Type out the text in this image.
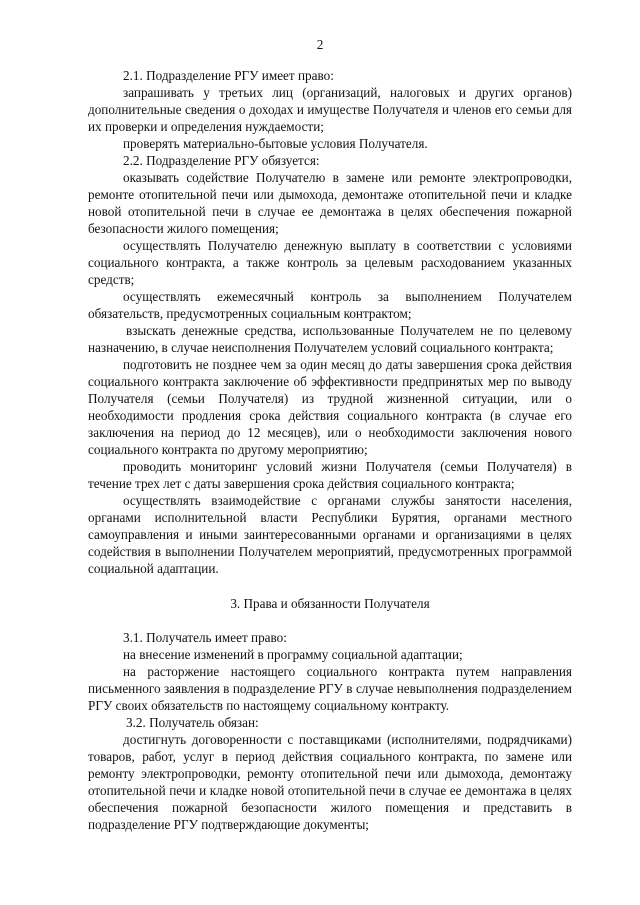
2

2.1. Подразделение РГУ имеет право:

запрашивать у третьих лиц (организаций, налоговых и других органов) дополнительные сведения о доходах и имуществе Получателя и членов его семьи для их проверки и определения нуждаемости;

проверять материально-бытовые условия Получателя.

2.2. Подразделение РГУ обязуется:

оказывать содействие Получателю в замене или ремонте электропроводки, ремонте отопительной печи или дымохода, демонтаже отопительной печи и кладке новой отопительной печи в случае ее демонтажа в целях обеспечения пожарной безопасности жилого помещения;

осуществлять Получателю денежную выплату в соответствии с условиями социального контракта, а также контроль за целевым расходованием указанных средств;

осуществлять ежемесячный контроль за выполнением Получателем обязательств, предусмотренных социальным контрактом;

взыскать денежные средства, использованные Получателем не по целевому назначению, в случае неисполнения Получателем условий социального контракта;

подготовить не позднее чем за один месяц до даты завершения срока действия социального контракта заключение об эффективности предпринятых мер по выводу Получателя (семьи Получателя) из трудной жизненной ситуации, или о необходимости продления срока действия социального контракта (в случае его заключения на период до 12 месяцев), или о необходимости заключения нового социального контракта по другому мероприятию;

проводить мониторинг условий жизни Получателя (семьи Получателя) в течение трех лет с даты завершения срока действия социального контракта;

осуществлять взаимодействие с органами службы занятости населения, органами исполнительной власти Республики Бурятия, органами местного самоуправления и иными заинтересованными органами и организациями в целях содействия в выполнении Получателем мероприятий, предусмотренных программой социальной адаптации.

3. Права и обязанности Получателя

3.1. Получатель имеет право:

на внесение изменений в программу социальной адаптации;

на расторжение настоящего социального контракта путем направления письменного заявления в подразделение РГУ в случае невыполнения подразделением РГУ своих обязательств по настоящему социальному контракту.

3.2. Получатель обязан:

достигнуть договоренности с поставщиками (исполнителями, подрядчиками) товаров, работ, услуг в период действия социального контракта, по замене или ремонту электропроводки, ремонту отопительной печи или дымохода, демонтажу отопительной печи и кладке новой отопительной печи в случае ее демонтажа в целях обеспечения пожарной безопасности жилого помещения и представить в подразделение РГУ подтверждающие документы;
